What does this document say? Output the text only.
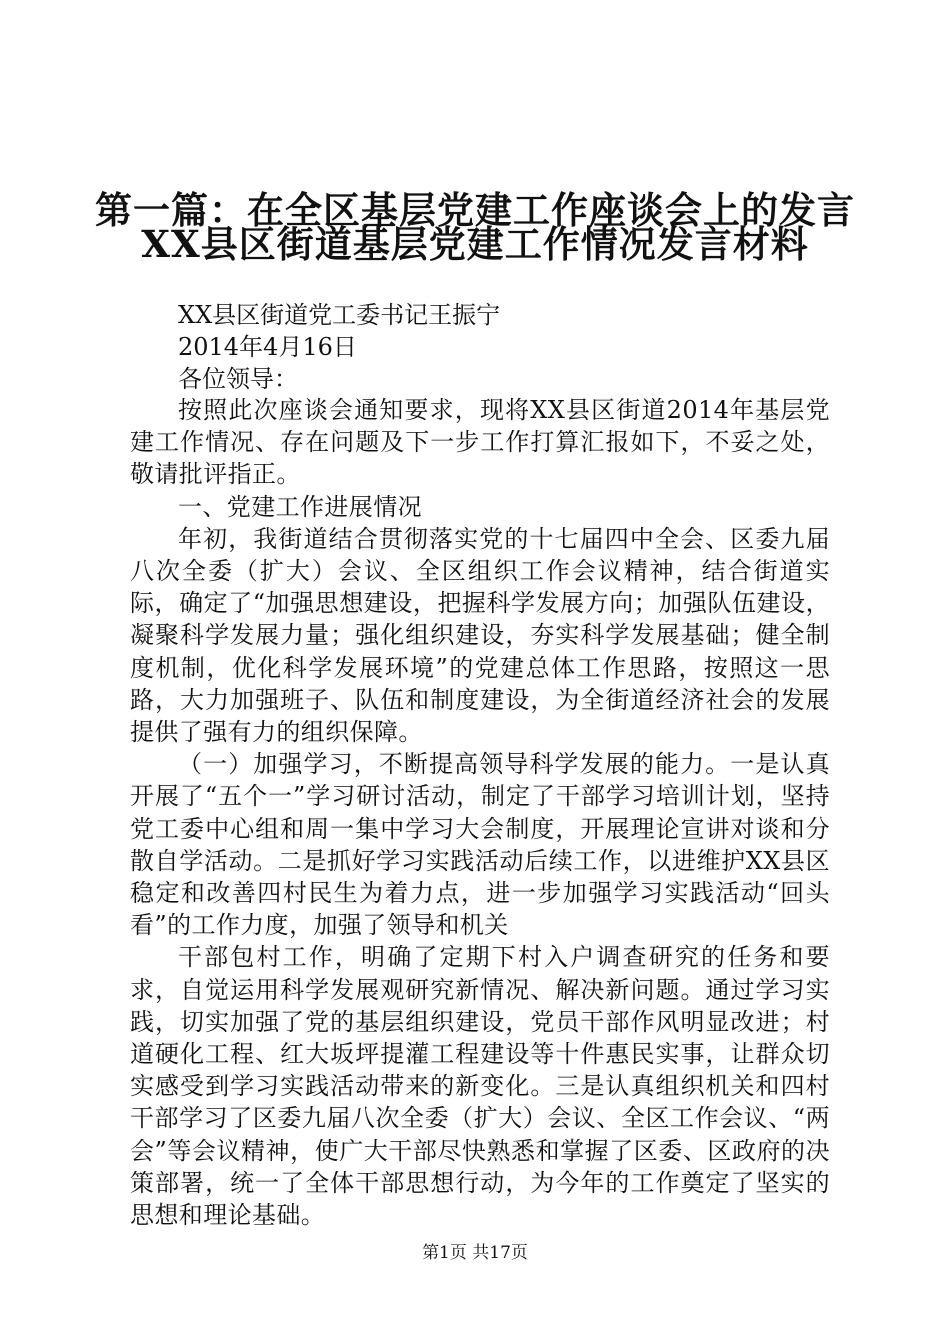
第一篇：在全区基层党建工作座谈会上的发言
XX县区街道基层党建工作情况发言材料
XX县区街道党工委书记王振宁
2014年4月16日
各位领导：

按照此次座谈会通知要求，现将XX县区街道2014年基层党建工作情况、存在问题及下一步工作打算汇报如下，不妥之处，敬请批评指正。

一、党建工作进展情况

年初，我街道结合贯彻落实党的十七届四中全会、区委九届八次全委（扩大）会议、全区组织工作会议精神，结合街道实际，确定了“加强思想建设，把握科学发展方向；加强队伍建设，凝聚科学发展力量；强化组织建设，夯实科学发展基础；健全制度机制，优化科学发展环境”的党建总体工作思路，按照这一思路，大力加强班子、队伍和制度建设，为全街道经济社会的发展提供了强有力的组织保障。

（一）加强学习，不断提高领导科学发展的能力。一是认真开展了“五个一”学习研讨活动，制定了干部学习培训计划，坚持党工委中心组和周一集中学习大会制度，开展理论宣讲对谈和分散自学活动。二是抓好学习实践活动后续工作，以进维护XX县区稳定和改善四村民生为着力点，进一步加强学习实践活动“回头看”的工作力度，加强了领导和机关

干部包村工作，明确了定期下村入户调查研究的任务和要求，自觉运用科学发展观研究新情况、解决新问题。通过学习实践，切实加强了党的基层组织建设，党员干部作风明显改进；村道硬化工程、红大坂坪提灌工程建设等十件惠民实事，让群众切实感受到学习实践活动带来的新变化。三是认真组织机关和四村干部学习了区委九届八次全委（扩大）会议、全区工作会议、“两会”等会议精神，使广大干部尽快熟悉和掌握了区委、区政府的决策部署，统一了全体干部思想行动，为今年的工作奠定了坚实的思想和理论基础。

第1页 共17页
